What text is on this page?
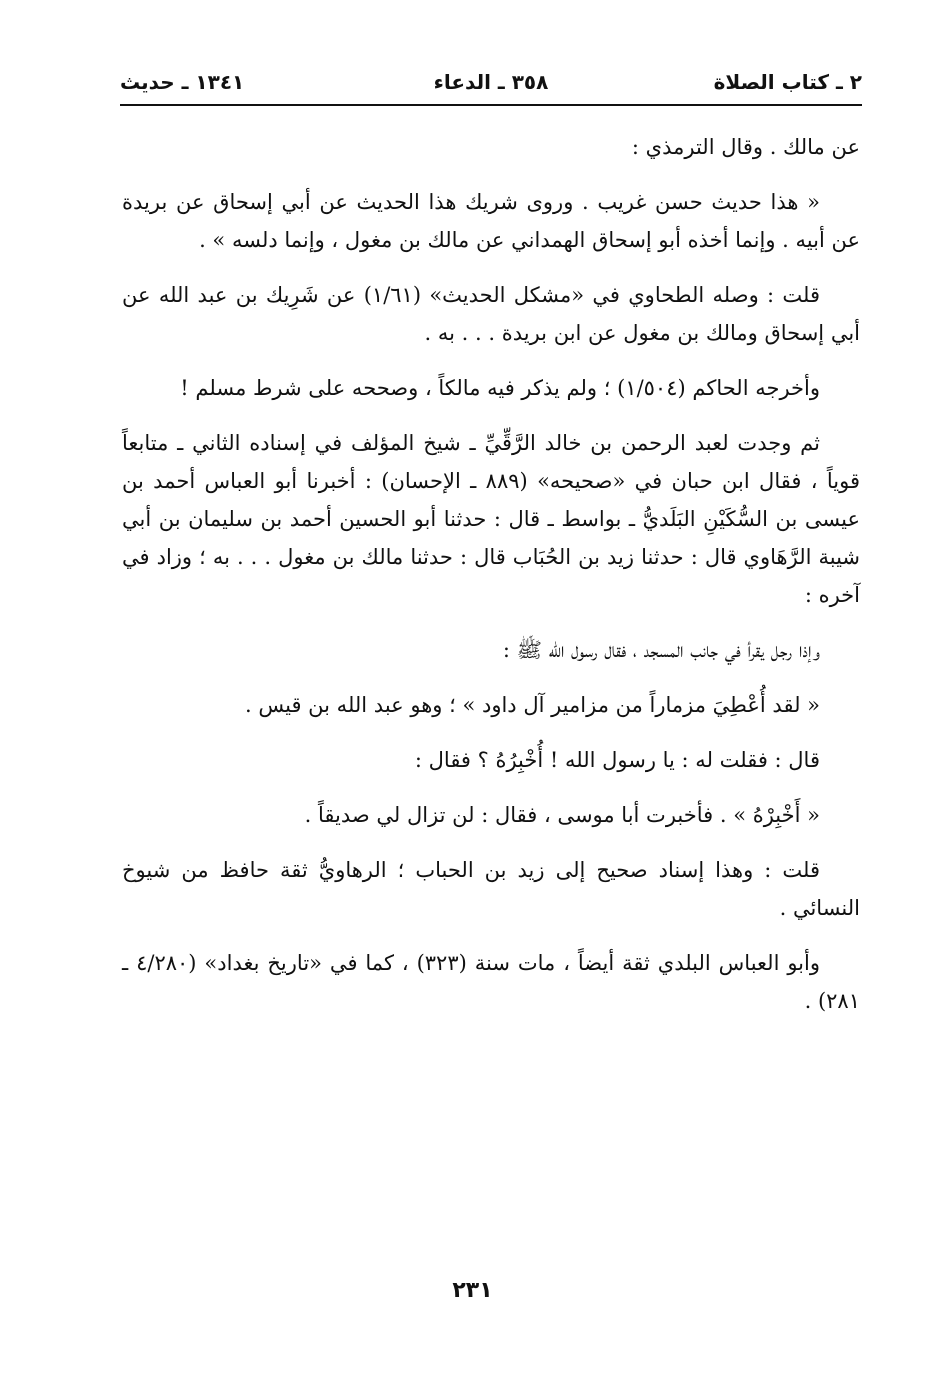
٢ ـ كتاب الصلاة
٣٥٨ ـ الدعاء
١٣٤١ ـ حديث

عن مالك . وقال الترمذي :

« هذا حديث حسن غريب . وروى شريك هذا الحديث عن أبي إسحاق عن بريدة عن أبيه . وإنما أخذه أبو إسحاق الهمداني عن مالك بن مغول ، وإنما دلسه » .

قلت : وصله الطحاوي في «مشكل الحديث» (١/٦١) عن شَرِيك بن عبد الله عن أبي إسحاق ومالك بن مغول عن ابن بريدة . . . به .

وأخرجه الحاكم (١/٥٠٤) ؛ ولم يذكر فيه مالكاً ، وصححه على شرط مسلم !

ثم وجدت لعبد الرحمن بن خالد الرَّقِّيِّ ـ شيخ المؤلف في إسناده الثاني ـ متابعاً قوياً ، فقال ابن حبان في «صحيحه» (٨٨٩ ـ الإحسان) : أخبرنا أبو العباس أحمد بن عيسى بن السُّكَيْنِ البَلَديُّ ـ بواسط ـ قال : حدثنا أبو الحسين أحمد بن سليمان بن أبي شيبة الرَّهَاوي قال : حدثنا زيد بن الحُبَاب قال : حدثنا مالك بن مغول . . . به ؛ وزاد في آخره :

وإذا رجل يقرأ في جانب المسجد ، فقال رسول الله ﷺ :

« لقد أُعْطِيَ مزماراً من مزامير آل داود » ؛ وهو عبد الله بن قيس .

قال : فقلت له : يا رسول الله ! أُخْبِرُهُ ؟ فقال :

« أَخْبِرْهُ » . فأخبرت أبا موسى ، فقال : لن تزال لي صديقاً .

قلت : وهذا إسناد صحيح إلى زيد بن الحباب ؛ الرهاويُّ ثقة حافظ من شيوخ النسائي .

وأبو العباس البلدي ثقة أيضاً ، مات سنة (٣٢٣) ، كما في «تاريخ بغداد» (٤/٢٨٠ ـ ٢٨١) .

٢٣١
